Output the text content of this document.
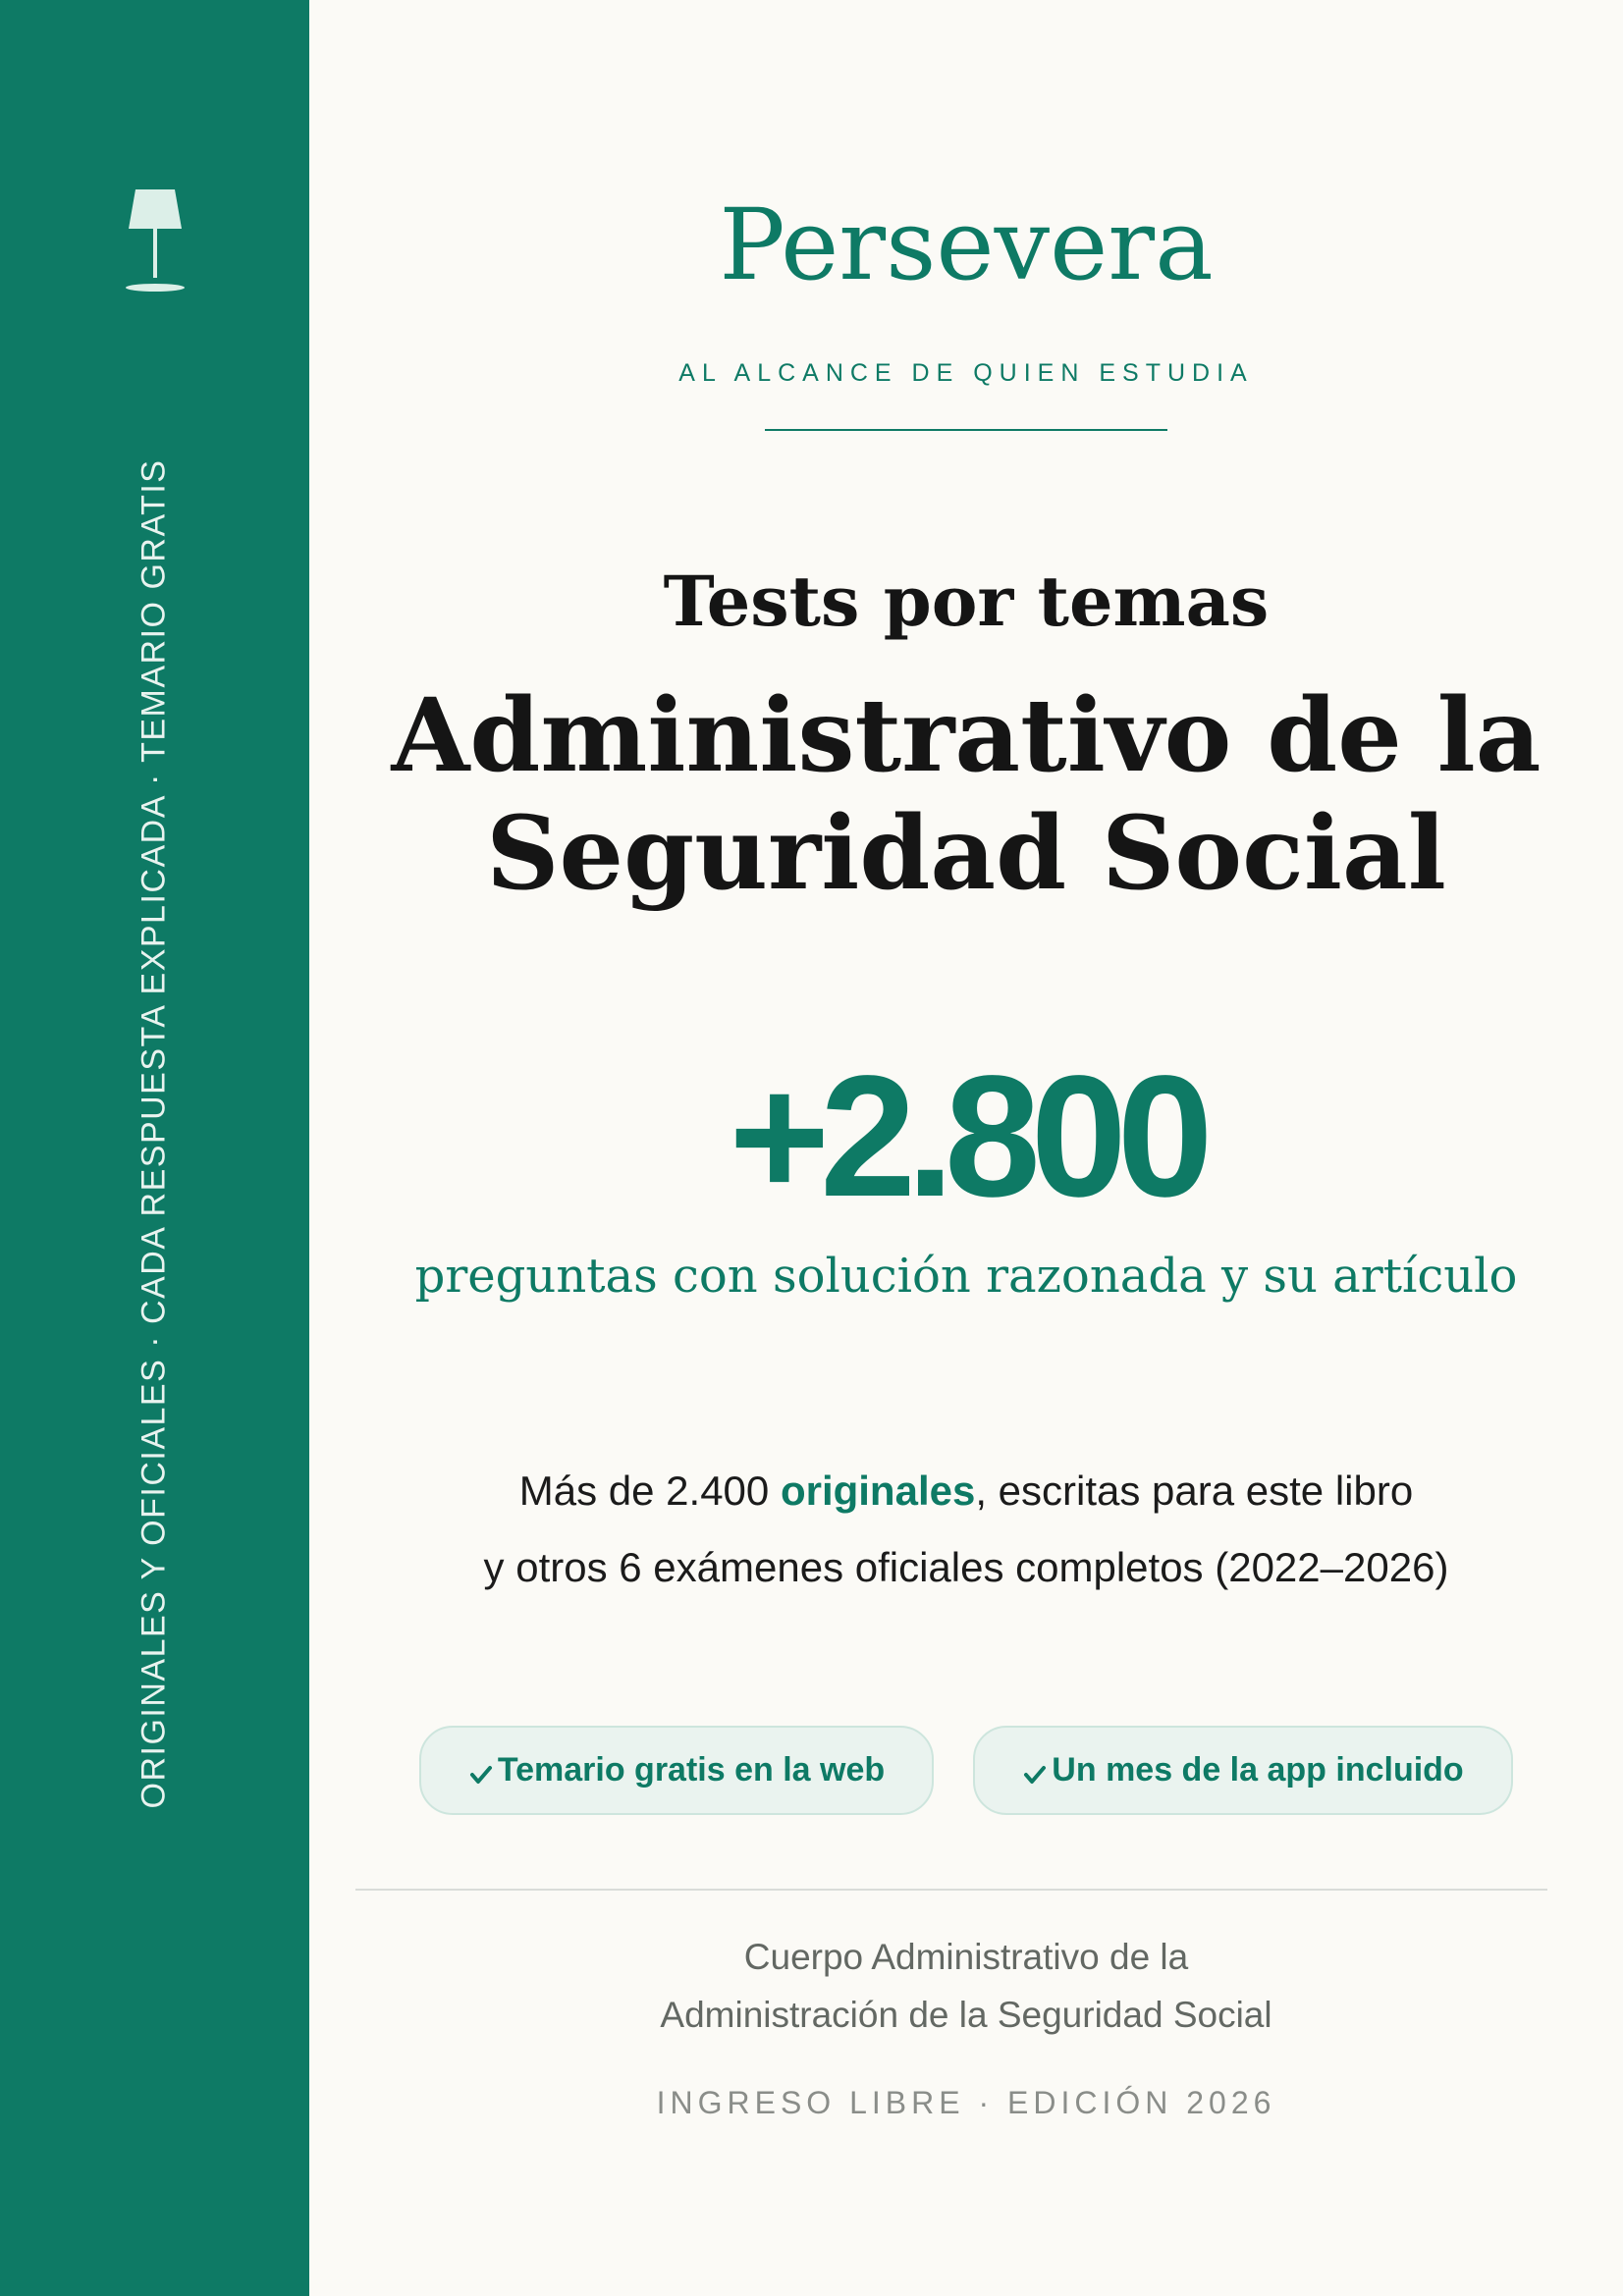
ORIGINALES Y OFICIALES · CADA RESPUESTA EXPLICADA · TEMARIO GRATIS
Persevera
AL ALCANCE DE QUIEN ESTUDIA
Tests por temas
Administrativo de la
Seguridad Social
+2.800
preguntas con solución razonada y su artículo
Más de 2.400 originales, escritas para este libro
y otros 6 exámenes oficiales completos (2022–2026)
Temario gratis en la web	Un mes de la app incluido
Cuerpo Administrativo de la
Administración de la Seguridad Social
INGRESO LIBRE · EDICIÓN 2026
